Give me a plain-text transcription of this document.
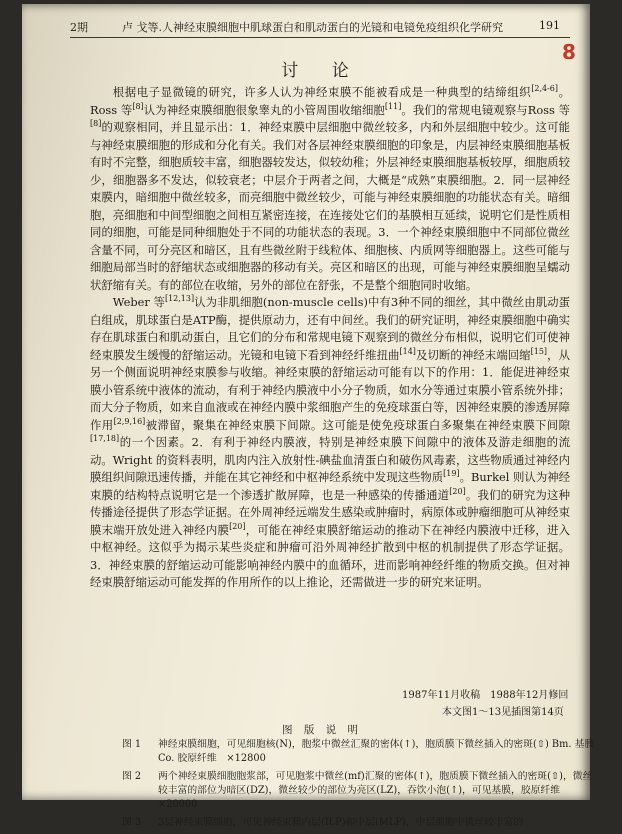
2期	卢 戈等.人神经束膜细胞中肌球蛋白和肌动蛋白的光镜和电镜免疫组织化学研究	191
8
讨 论

根据电子显微镜的研究，许多人认为神经束膜不能被看成是一种典型的结缔组织[2,4-6]。Ross 等[8]认为神经束膜细胞很象睾丸的小管周围收缩细胞[11]。我们的常规电镜观察与Ross 等[8]的观察相同，并且显示出：1．神经束膜中层细胞中微丝较多，内和外层细胞中较少。这可能与神经束膜细胞的形成和分化有关。我们对各层神经束膜细胞的印象是，内层神经束膜细胞基板有时不完整，细胞质较丰富，细胞器较发达，似较幼稚；外层神经束膜细胞基板较厚，细胞质较少，细胞器多不发达，似较衰老；中层介于两者之间，大概是“成熟”束膜细胞。2．同一层神经束膜内，暗细胞中微丝较多，而亮细胞中微丝较少，可能与神经束膜细胞的功能状态有关。暗细胞，亮细胞和中间型细胞之间相互紧密连接，在连接处它们的基膜相互延续，说明它们是性质相同的细胞，可能是同种细胞处于不同的功能状态的表现。3．一个神经束膜细胞中不同部位微丝含量不同，可分亮区和暗区，且有些微丝附于线粒体、细胞核、内质网等细胞器上。这些可能与细胞局部当时的舒缩状态或细胞器的移动有关。亮区和暗区的出现，可能与神经束膜细胞呈蠕动状舒缩有关。有的部位在收缩，另外的部位在舒张，不是整个细胞同时收缩。

Weber 等[12,13]认为非肌细胞(non-muscle cells)中有3种不同的细丝，其中微丝由肌动蛋白组成，肌球蛋白是ATP酶，提供原动力，还有中间丝。我们的研究证明，神经束膜细胞中确实存在肌球蛋白和肌动蛋白，且它们的分布和常规电镜下观察到的微丝分布相似，说明它们可使神经束膜发生缓慢的舒缩运动。光镜和电镜下看到神经纤维扭曲[14]及切断的神经末端回缩[15]，从另一个侧面说明神经束膜参与收缩。神经束膜的舒缩运动可能有以下的作用：1．能促进神经束膜小管系统中液体的流动，有利于神经内膜液中小分子物质，如水分等通过束膜小管系统外排；而大分子物质，如来自血液或在神经内膜中浆细胞产生的免疫球蛋白等，因神经束膜的渗透屏障作用[2,9,16]被滞留，聚集在神经束膜下间隙。这可能是使免疫球蛋白多聚集在神经束膜下间隙[17,18]的一个因素。2．有利于神经内膜液，特别是神经束膜下间隙中的液体及游走细胞的流动。Wright 的资料表明，肌肉内注入放射性-碘盐血清蛋白和破伤风毒素，这些物质通过神经内膜组织间隙迅速传播，并能在其它神经和中枢神经系统中发现这些物质[19]。Burkel 则认为神经束膜的结构特点说明它是一个渗透扩散屏障，也是一种感染的传播通道[20]。我们的研究为这种传播途径提供了形态学证据。在外周神经远端发生感染或肿瘤时，病原体或肿瘤细胞可从神经束膜末端开放处进入神经内膜[20]，可能在神经束膜舒缩运动的推动下在神经内膜液中迁移，进入中枢神经。这似乎为揭示某些炎症和肿瘤可沿外周神经扩散到中枢的机制提供了形态学证据。3．神经束膜的舒缩运动可能影响神经内膜中的血循环，进而影响神经纤维的物质交换。但对神经束膜舒缩运动可能发挥的作用所作的以上推论，还需做进一步的研究来证明。

1987年11月收稿　1988年12月修回
本文图1～13见插图第14页
图 版 说 明
图 1 神经束膜细胞，可见细胞核(N)，胞浆中微丝汇聚的密体(↑)，胞质膜下微丝插入的密斑(⇧) Bm. 基膜　Co. 胶原纤维　×12800
图 2 两个神经束膜细胞胞浆部，可见胞浆中微丝(mf)汇聚的密体(↑)，胞质膜下微丝插入的密斑(⇧)，微丝较丰富的部位为暗区(DZ)，微丝较少的部位为亮区(LZ)，吞饮小泡(↑)，可见基膜，胶原纤维 ×20000
图 3 3层神经束膜细胞，可见神经束膜内层(ILP)和中层(MLP)，中层细胞中微丝较丰富的
